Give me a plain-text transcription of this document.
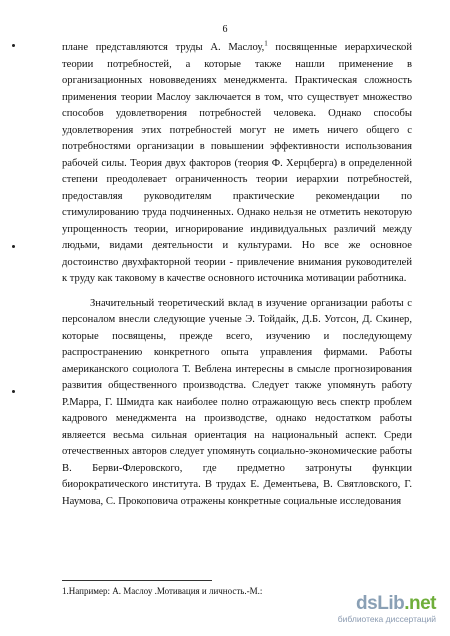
6

плане представляются труды А. Маслоу,$^1$ посвященные иерархической теории потребностей, а которые также нашли применение в организационных нововведениях менеджмента. Практическая сложность применения теории Маслоу заключается в том, что существует множество способов удовлетворения потребностей человека. Однако способы удовлетворения этих потребностей могут не иметь ничего общего с потребностями организации в повышении эффективности использования рабочей силы. Теория двух факторов (теория Ф. Херцберга) в определенной степени преодолевает ограниченность теории иерархии потребностей, предоставляя руководителям практические рекомендации по стимулированию труда подчиненных. Однако нельзя не отметить некоторую упрощенность теории, игнорирование индивидуальных различий между людьми, видами деятельности и культурами. Но все же основное достоинство двухфакторной теории - привлечение внимания руководителей к труду как таковому в качестве основного источника мотивации работника.

Значительный теоретический вклад в изучение организации работы с персоналом внесли следующие ученые Э. Тойдайк, Д.Б. Уотсон, Д. Скинер, которые посвящены, прежде всего, изучению и последующему распространению конкретного опыта управления фирмами. Работы американского социолога Т. Веблена интересны в смысле прогнозирования развития общественного производства. Следует также упомянуть работу Р.Марра, Г. Шмидта как наиболее полно отражающую весь спектр проблем кадрового менеджмента на производстве, однако недостатком работы являеется весьма сильная ориентация на национальный аспект. Среди отечественных авторов следует упомянуть социально-экономические работы В. Берви-Флеровского, где предметно затронуты функции биорократического института. В трудах Е. Дементьева, В. Святловского, Г. Наумова, С. Прокоповича отражены конкретные социальные исследования

1.Например: А. Маслоу .Мотивация и личность.-М.:
dsLib.net
библиотека диссертаций
